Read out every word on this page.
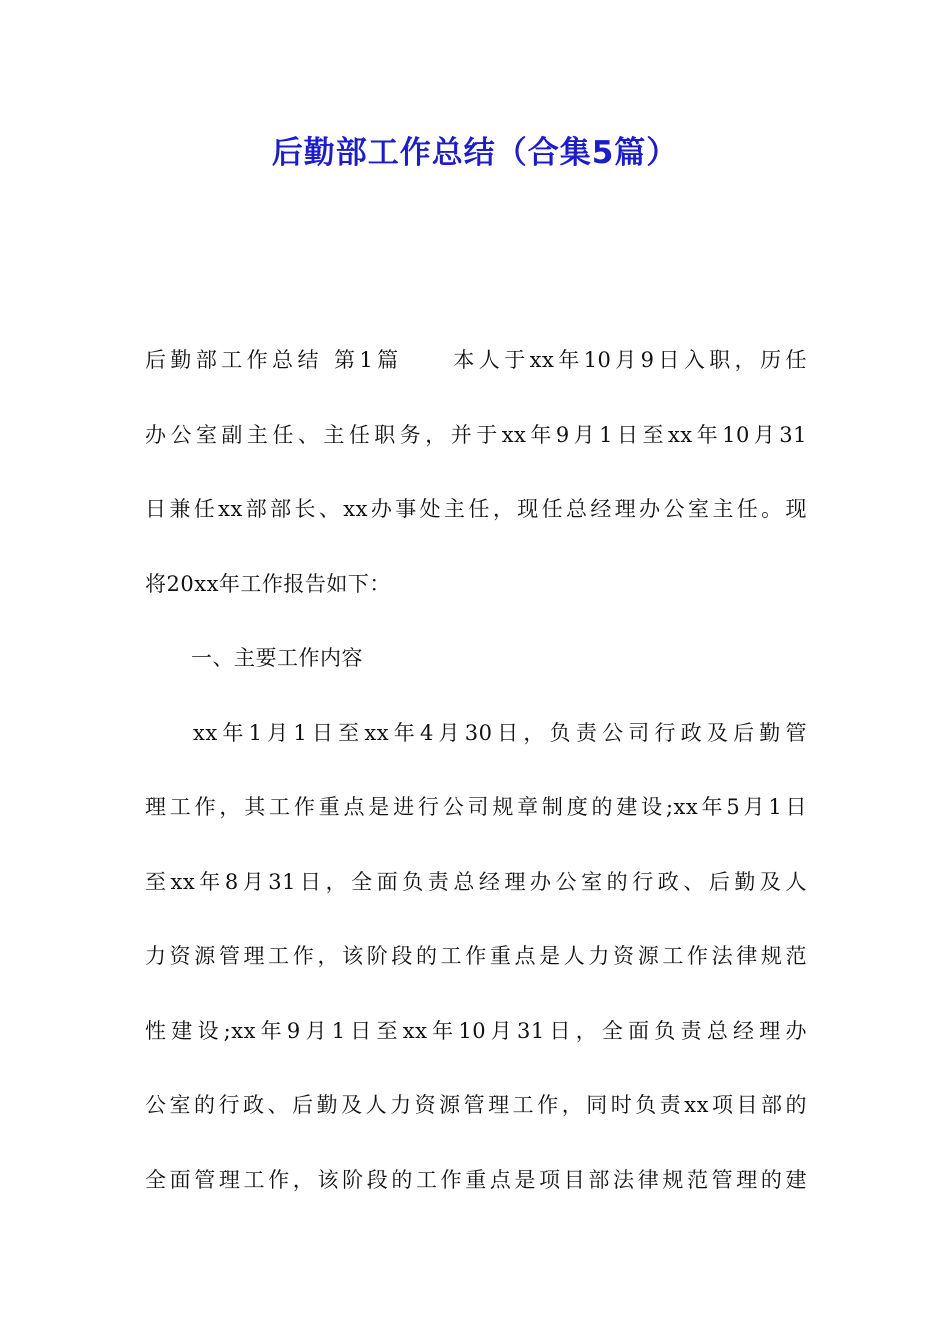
后勤部工作总结（合集5篇）
后勤部工作总结 第1篇　　本人于xx年10月9日入职，历任
办公室副主任、主任职务，并于xx年9月1日至xx年10月31
日兼任xx部部长、xx办事处主任，现任总经理办公室主任。现
将20xx年工作报告如下：
一、主要工作内容
xx年1月1日至xx年4月30日，负责公司行政及后勤管
理工作，其工作重点是进行公司规章制度的建设;xx年5月1日
至xx年8月31日，全面负责总经理办公室的行政、后勤及人
力资源管理工作，该阶段的工作重点是人力资源工作法律规范
性建设;xx年9月1日至xx年10月31日，全面负责总经理办
公室的行政、后勤及人力资源管理工作，同时负责xx项目部的
全面管理工作，该阶段的工作重点是项目部法律规范管理的建
